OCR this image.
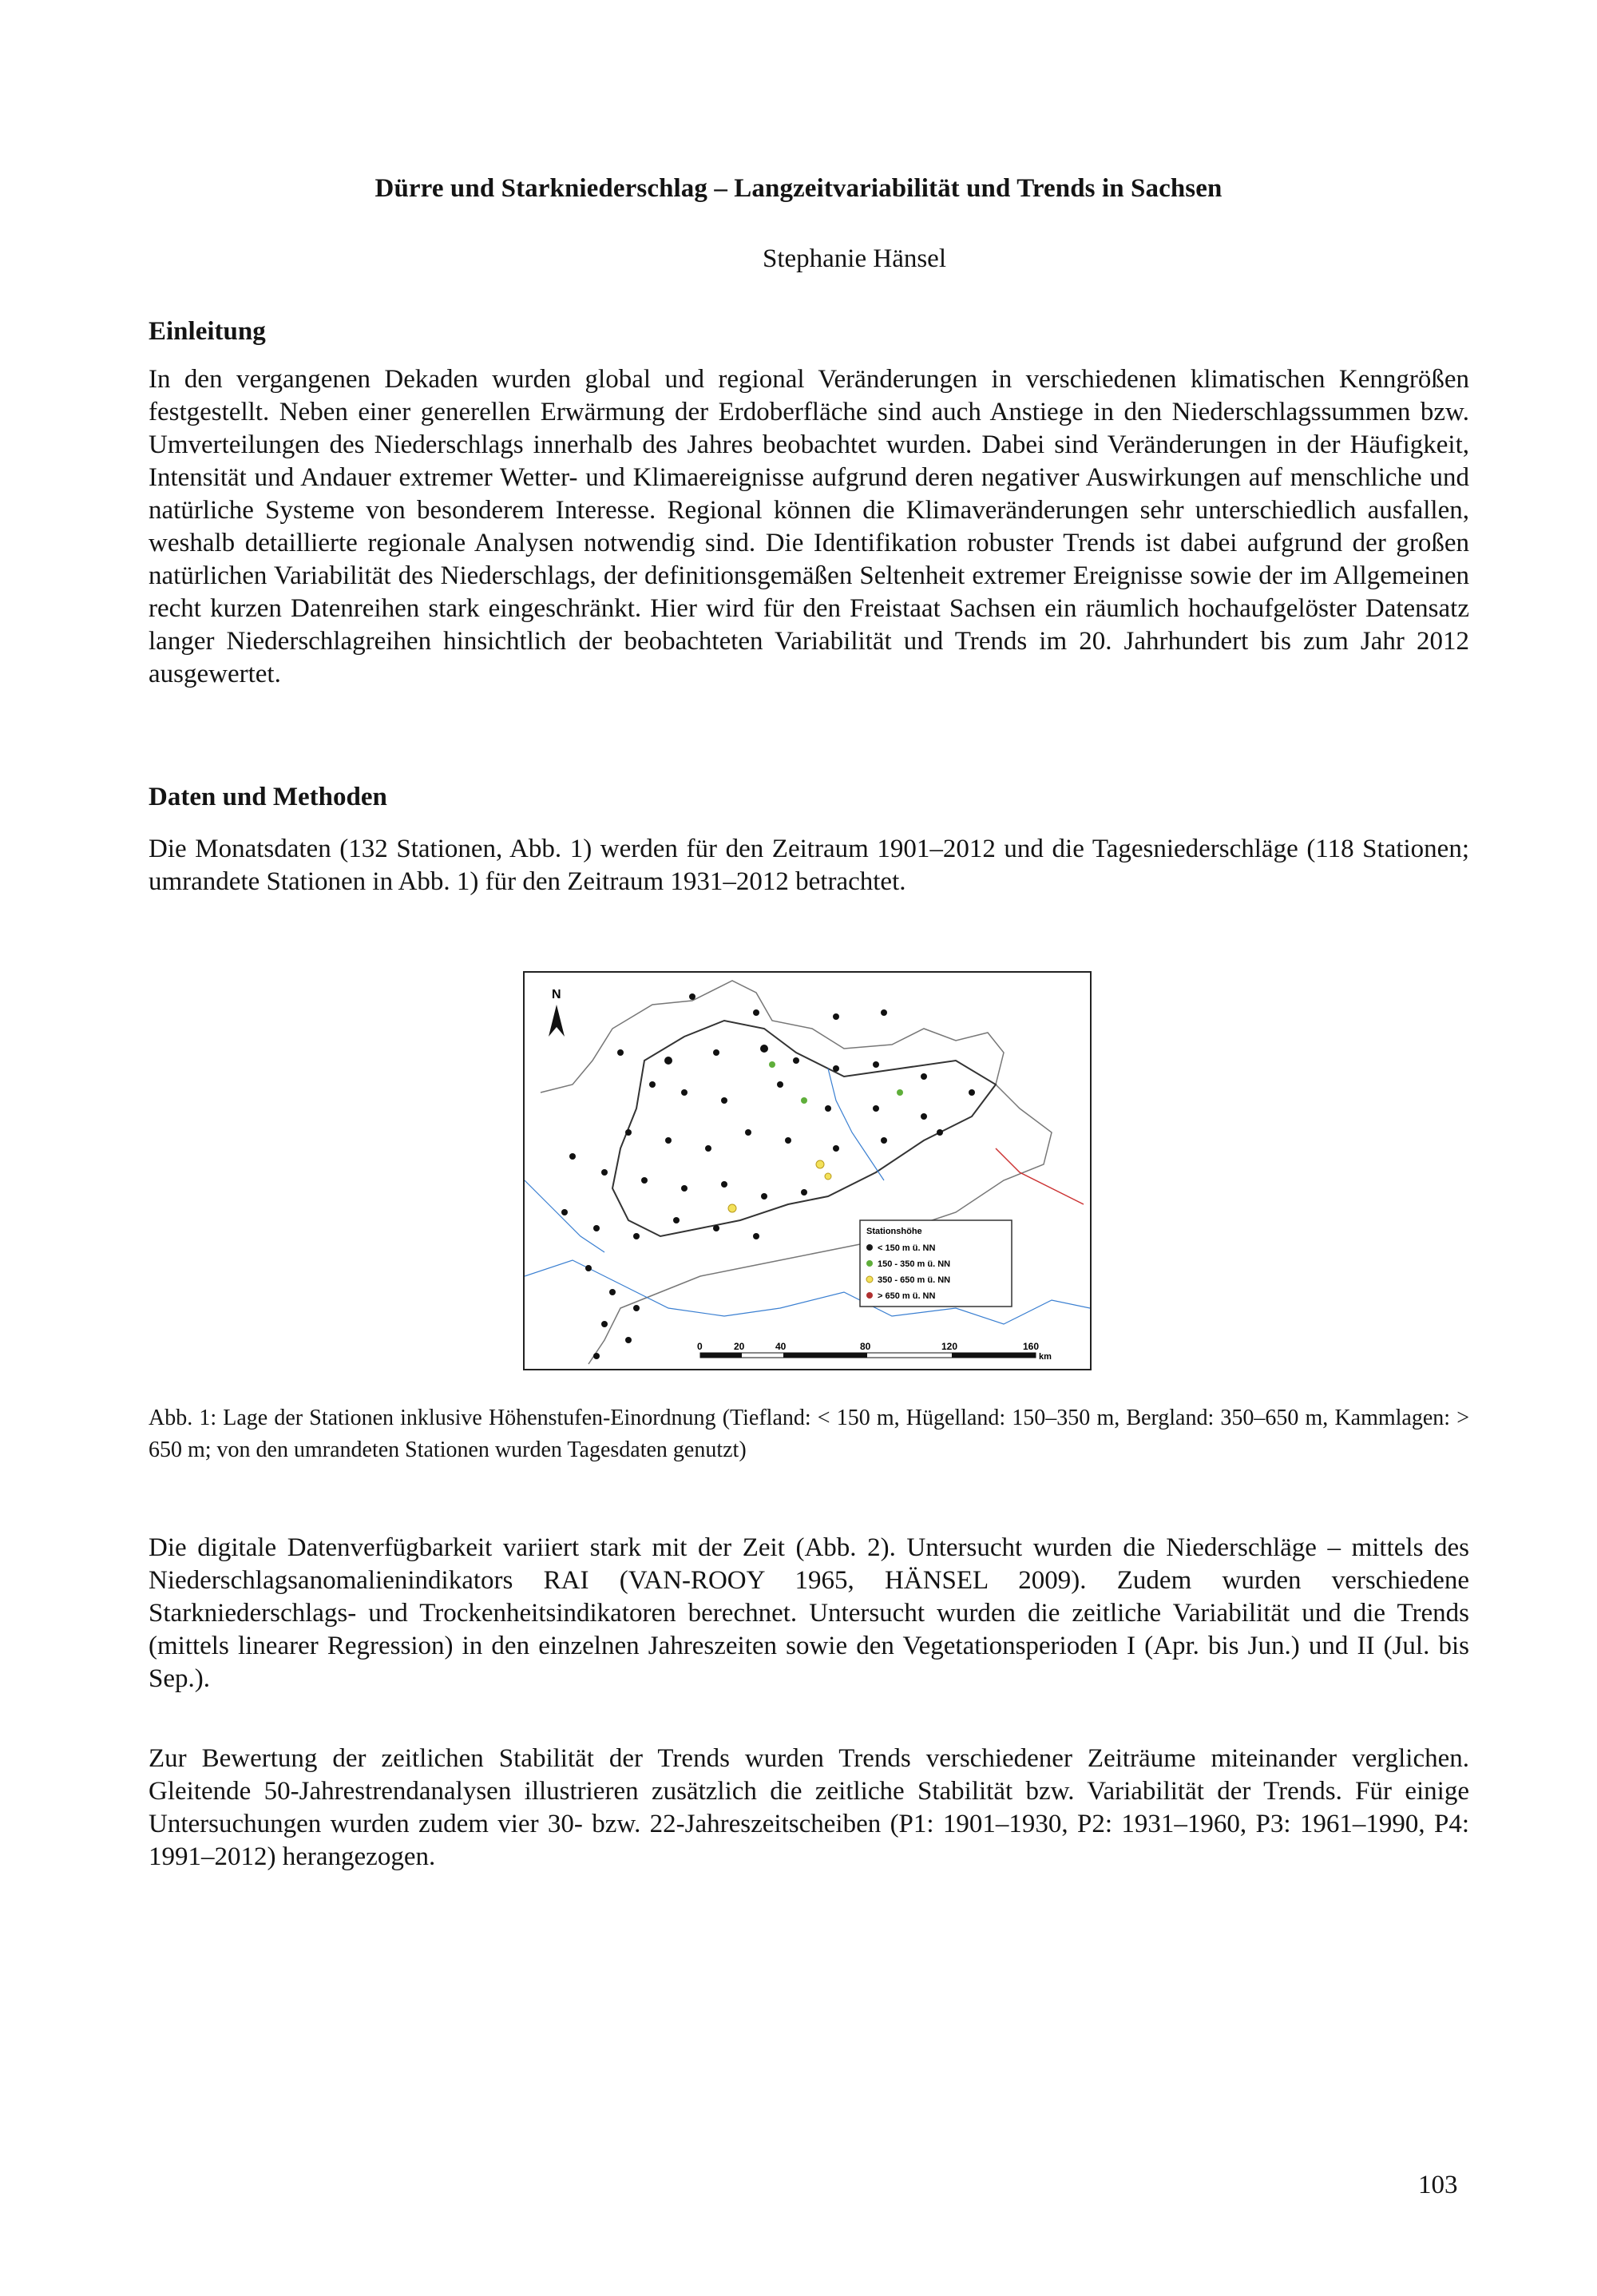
Dürre und Starkniederschlag – Langzeitvariabilität und Trends in Sachsen
Stephanie Hänsel
Einleitung

In den vergangenen Dekaden wurden global und regional Veränderungen in verschiedenen klimatischen Kenngrößen festgestellt. Neben einer generellen Erwärmung der Erdoberfläche sind auch Anstiege in den Niederschlagssummen bzw. Umverteilungen des Niederschlags innerhalb des Jahres beobachtet wurden. Dabei sind Veränderungen in der Häufigkeit, Intensität und Andauer extremer Wetter- und Klimaereignisse aufgrund deren negativer Auswirkungen auf menschliche und natürliche Systeme von besonderem Interesse. Regional können die Klimaveränderungen sehr unterschiedlich ausfallen, weshalb detaillierte regionale Analysen notwendig sind. Die Identifikation robuster Trends ist dabei aufgrund der großen natürlichen Variabilität des Niederschlags, der definitionsgemäßen Seltenheit extremer Ereignisse sowie der im Allgemeinen recht kurzen Datenreihen stark eingeschränkt. Hier wird für den Freistaat Sachsen ein räumlich hochaufgelöster Datensatz langer Niederschlagreihen hinsichtlich der beobachteten Variabilität und Trends im 20. Jahrhundert bis zum Jahr 2012 ausgewertet.

Daten und Methoden

Die Monatsdaten (132 Stationen, Abb. 1) werden für den Zeitraum 1901–2012 und die Tagesniederschläge (118 Stationen; umrandete Stationen in Abb. 1) für den Zeitraum 1931–2012 betrachtet.

N
Stationshöhe
< 150 m ü. NN
150 - 350 m ü. NN
350 - 650 m ü. NN
> 650 m ü. NN
0	20	40	80	120	160
km

Abb. 1: Lage der Stationen inklusive Höhenstufen-Einordnung (Tiefland: < 150 m, Hügelland: 150–350 m, Bergland: 350–650 m, Kammlagen: > 650 m; von den umrandeten Stationen wurden Tagesdaten genutzt)

Die digitale Datenverfügbarkeit variiert stark mit der Zeit (Abb. 2). Untersucht wurden die Niederschläge – mittels des Niederschlagsanomalienindikators RAI (VAN-ROOY 1965, HÄNSEL 2009). Zudem wurden verschiedene Starkniederschlags- und Trockenheitsindikatoren berechnet. Untersucht wurden die zeitliche Variabilität und die Trends (mittels linearer Regression) in den einzelnen Jahreszeiten sowie den Vegetationsperioden I (Apr. bis Jun.) und II (Jul. bis Sep.).

Zur Bewertung der zeitlichen Stabilität der Trends wurden Trends verschiedener Zeiträume miteinander verglichen. Gleitende 50-Jahrestrendanalysen illustrieren zusätzlich die zeitliche Stabilität bzw. Variabilität der Trends. Für einige Untersuchungen wurden zudem vier 30- bzw. 22-Jahreszeitscheiben (P1: 1901–1930, P2: 1931–1960, P3: 1961–1990, P4: 1991–2012) herangezogen.

103
